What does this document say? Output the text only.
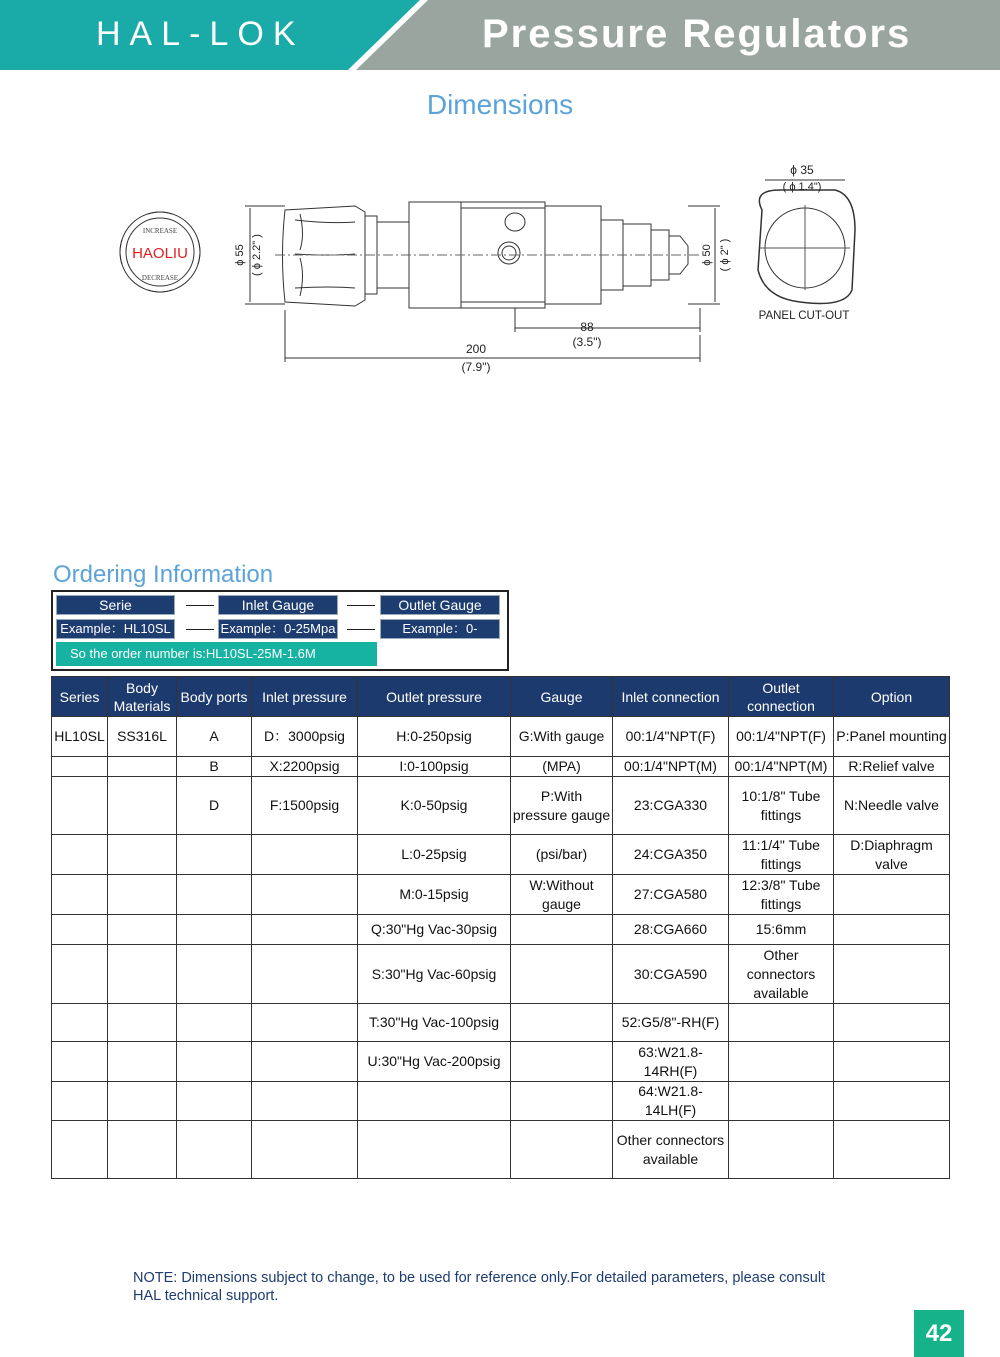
HAL-LOK	Pressure Regulators
Dimensions
INCREASE
HAOLIU
DECREASE
ϕ 55 ( ϕ 2.2" )	ϕ 50 ( ϕ 2" )
88
(3.5")
200
(7.9")
ϕ 35
( ϕ 1.4")
PANEL CUT-OUT
Ordering Information
Serie	Inlet Gauge	Outlet Gauge
Example：HL10SL	Example：0-25Mpa	Example：0-1.6Mpa
So the order number is:HL10SL-25M-1.6M
Series	Body Materials	Body ports	Inlet pressure	Outlet pressure	Gauge	Inlet connection	Outlet connection	Option
HL10SL	SS316L	A	D：3000psig	H:0-250psig	G:With gauge	00:1/4"NPT(F)	00:1/4"NPT(F)	P:Panel mounting
		B	X:2200psig	I:0-100psig	(MPA)	00:1/4"NPT(M)	00:1/4"NPT(M)	R:Relief valve
		D	F:1500psig	K:0-50psig	P:With pressure gauge	23:CGA330	10:1/8" Tube fittings	N:Needle valve
				L:0-25psig	(psi/bar)	24:CGA350	11:1/4" Tube fittings	D:Diaphragm valve
				M:0-15psig	W:Without gauge	27:CGA580	12:3/8" Tube fittings	
				Q:30"Hg Vac-30psig		28:CGA660	15:6mm	
				S:30"Hg Vac-60psig		30:CGA590	Other connectors available	
				T:30"Hg Vac-100psig		52:G5/8"-RH(F)		
				U:30"Hg Vac-200psig		63:W21.8-14RH(F)		
						64:W21.8-14LH(F)		
						Other connectors available		
NOTE: Dimensions subject to change, to be used for reference only.For detailed parameters, please consult HAL technical support.
42
